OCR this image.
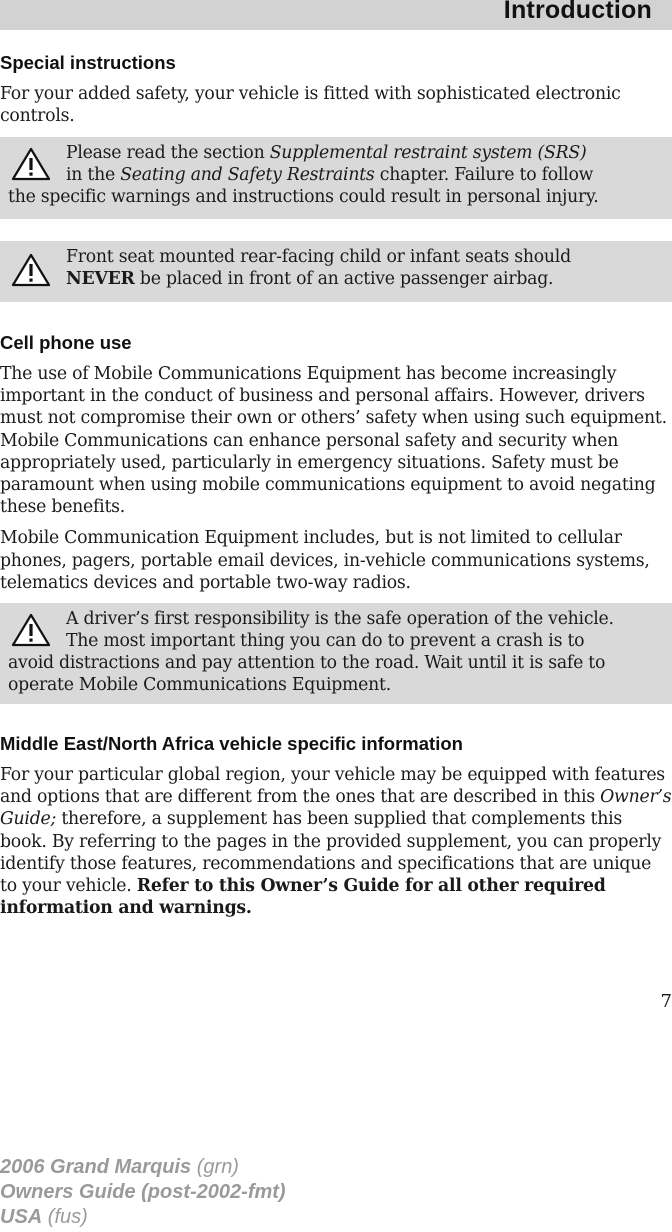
Introduction
Special instructions

For your added safety, your vehicle is fitted with sophisticated electronic controls.

Please read the section Supplemental restraint system (SRS)
in the Seating and Safety Restraints chapter. Failure to follow
the specific warnings and instructions could result in personal injury.
Front seat mounted rear-facing child or infant seats should
NEVER be placed in front of an active passenger airbag.
Cell phone use

The use of Mobile Communications Equipment has become increasingly important in the conduct of business and personal affairs. However, drivers must not compromise their own or others’ safety when using such equipment. Mobile Communications can enhance personal safety and security when appropriately used, particularly in emergency situations. Safety must be paramount when using mobile communications equipment to avoid negating these benefits.

Mobile Communication Equipment includes, but is not limited to cellular phones, pagers, portable email devices, in-vehicle communications systems, telematics devices and portable two-way radios.

A driver’s first responsibility is the safe operation of the vehicle.
The most important thing you can do to prevent a crash is to
avoid distractions and pay attention to the road. Wait until it is safe to
operate Mobile Communications Equipment.
Middle East/North Africa vehicle specific information

For your particular global region, your vehicle may be equipped with features and options that are different from the ones that are described in this Owner’s Guide; therefore, a supplement has been supplied that complements this book. By referring to the pages in the provided supplement, you can properly identify those features, recommendations and specifications that are unique to your vehicle. Refer to this Owner’s Guide for all other required information and warnings.

7
2006 Grand Marquis (grn)
Owners Guide (post-2002-fmt)
USA (fus)
